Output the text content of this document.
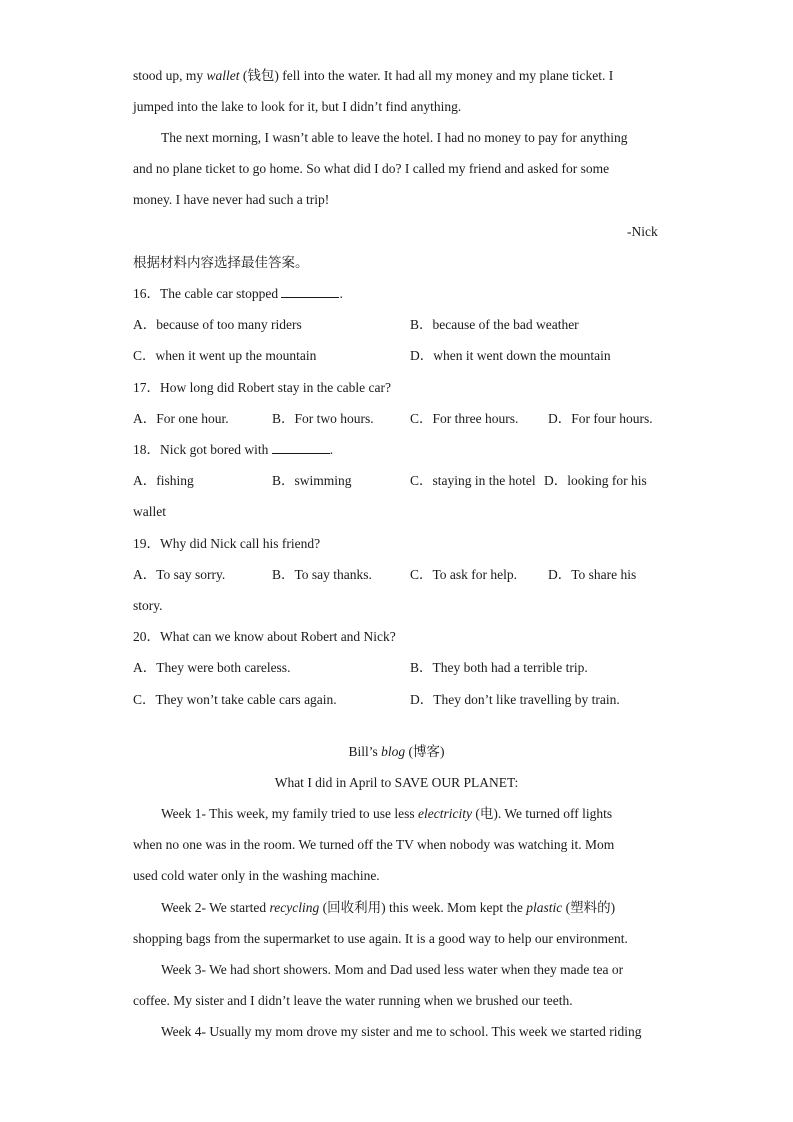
stood up, my wallet (钱包) fell into the water. It had all my money and my plane ticket. I
jumped into the lake to look for it, but I didn’t find anything.
The next morning, I wasn’t able to leave the hotel. I had no money to pay for anything
and no plane ticket to go home. So what did I do? I called my friend and asked for some
money. I have never had such a trip!
-Nick
根据材料内容选择最佳答案。
16．The cable car stopped	.
A．because of too many riders	B．because of the bad weather
C．when it went up the mountain	D．when it went down the mountain
17．How long did Robert stay in the cable car?
A．For one hour.	B．For two hours.	C．For three hours. D．For four hours.
18．Nick got bored with	.
A．fishing	B．swimming	C．staying in the hotel D．looking for his
wallet
19．Why did Nick call his friend?
A．To say sorry.	B．To say thanks.	C．To ask for help. D．To share his
story.
20．What can we know about Robert and Nick?
A．They were both careless.	B．They both had a terrible trip.
C．They won’t take cable cars again.	D．They don’t like travelling by train.
Bill’s blog (博客)
What I did in April to SAVE OUR PLANET:
Week 1- This week, my family tried to use less electricity (电). We turned off lights
when no one was in the room. We turned off the TV when nobody was watching it. Mom
used cold water only in the washing machine.
Week 2- We started recycling (回收利用) this week. Mom kept the plastic (塑料的)
shopping bags from the supermarket to use again. It is a good way to help our environment.
Week 3- We had short showers. Mom and Dad used less water when they made tea or
coffee. My sister and I didn’t leave the water running when we brushed our teeth.
Week 4- Usually my mom drove my sister and me to school. This week we started riding
